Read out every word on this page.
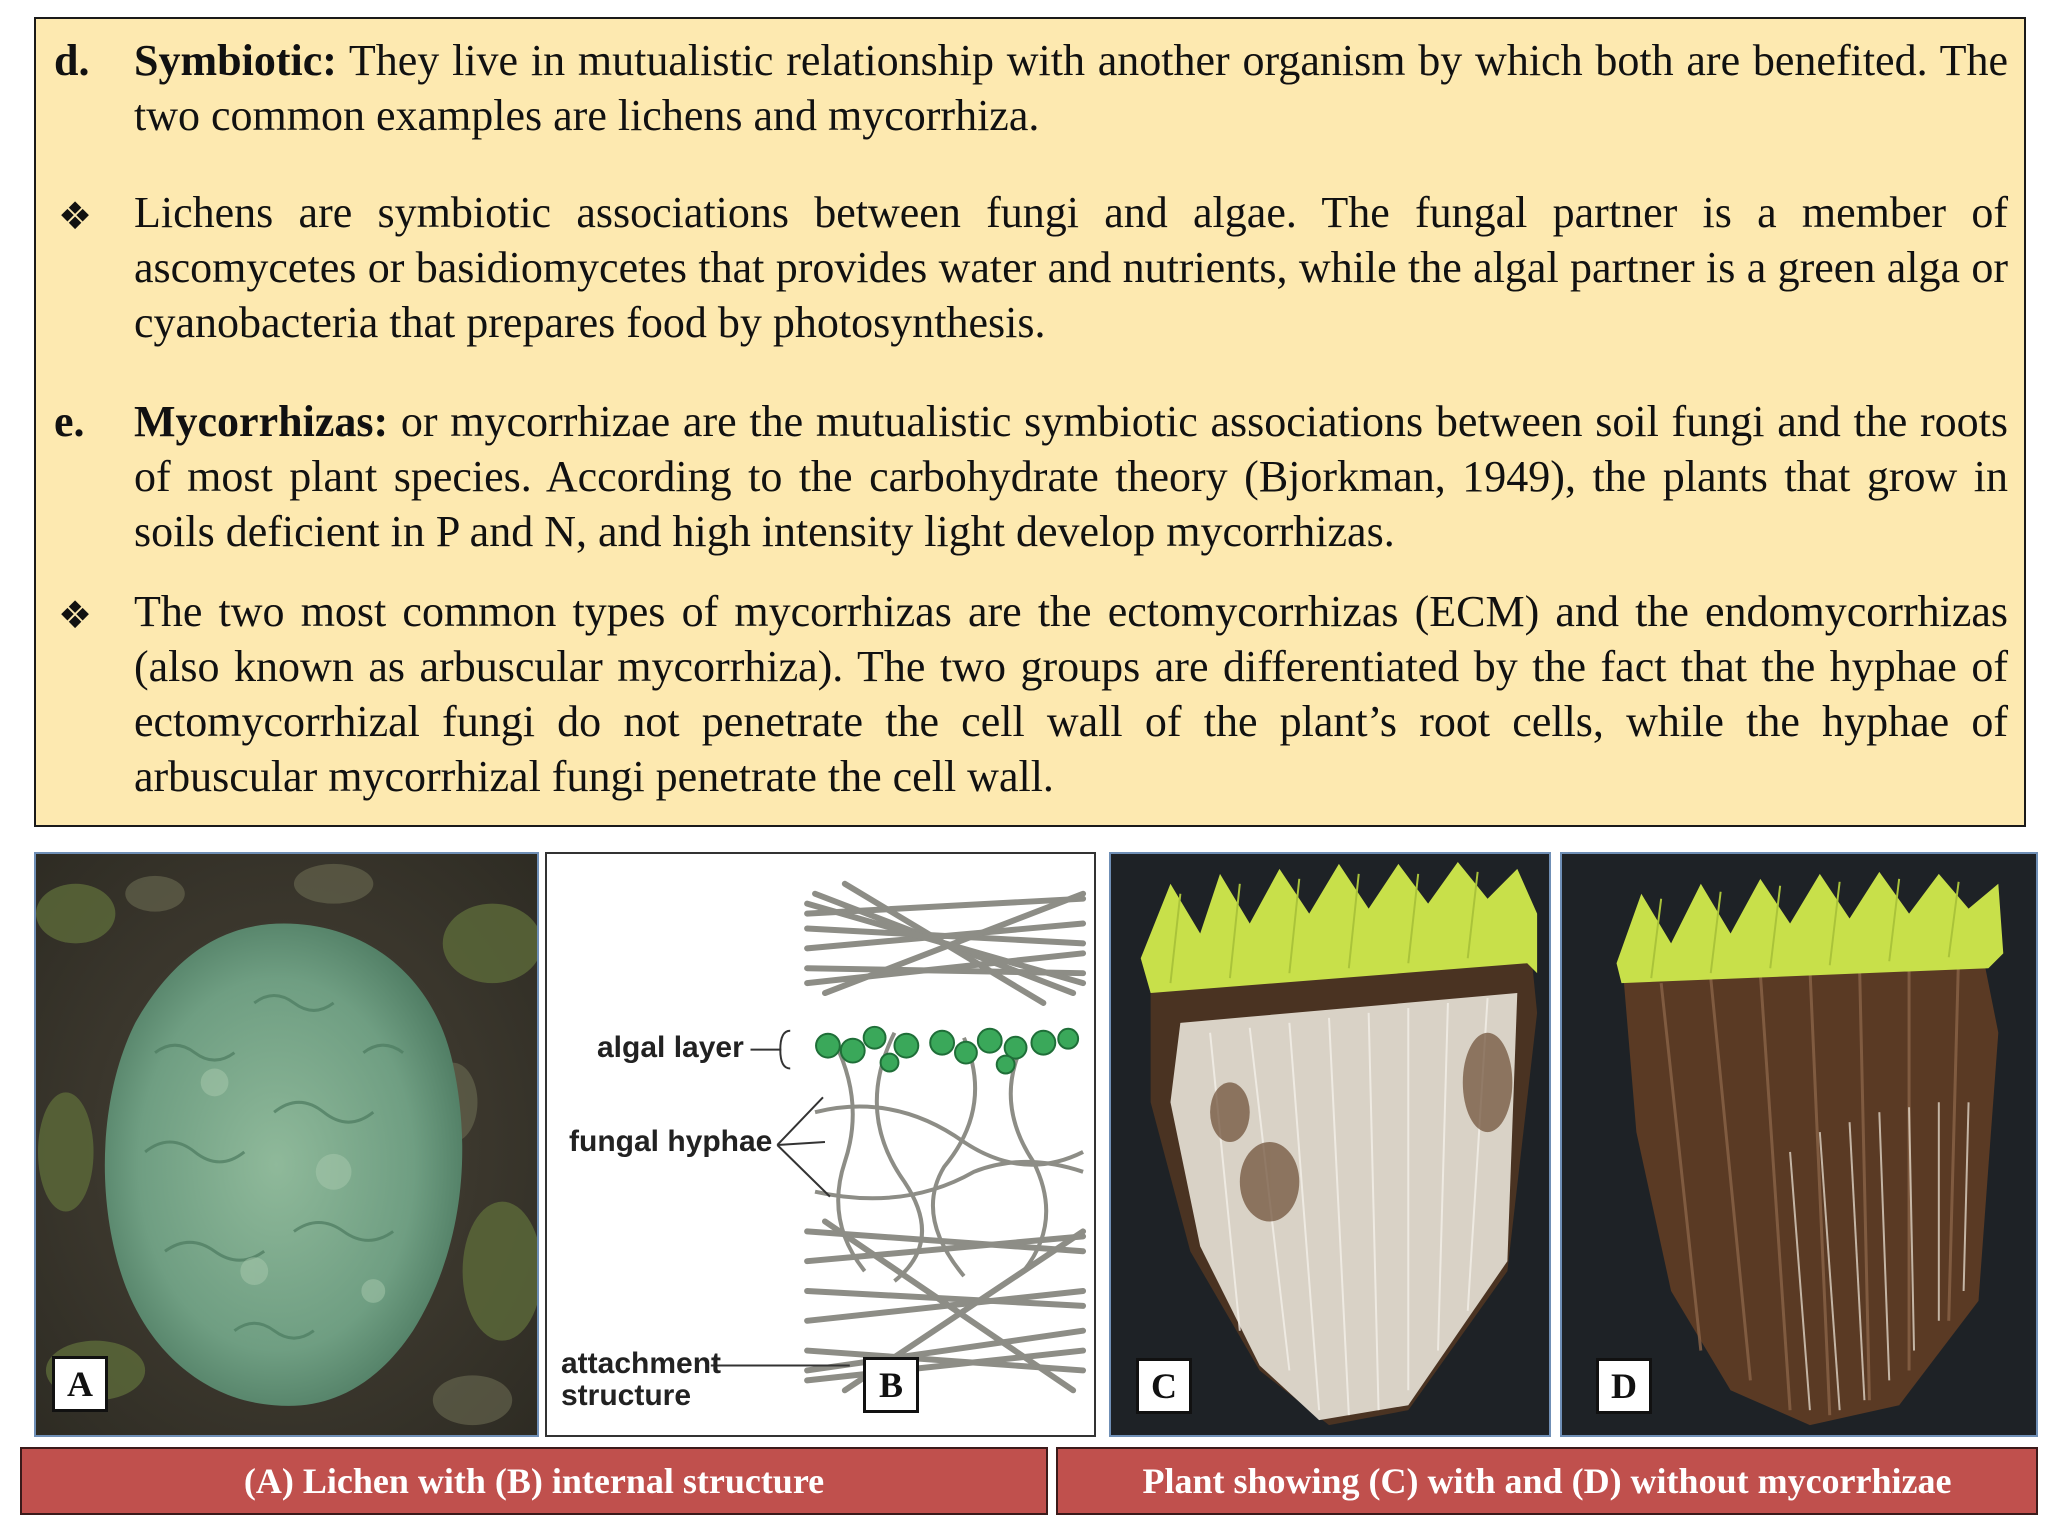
d. Symbiotic: They live in mutualistic relationship with another organism by which both are benefited. The two common examples are lichens and mycorrhiza.
❖ Lichens are symbiotic associations between fungi and algae. The fungal partner is a member of ascomycetes or basidiomycetes that provides water and nutrients, while the algal partner is a green alga or cyanobacteria that prepares food by photosynthesis.
e. Mycorrhizas: or mycorrhizae are the mutualistic symbiotic associations between soil fungi and the roots of most plant species. According to the carbohydrate theory (Bjorkman, 1949), the plants that grow in soils deficient in P and N, and high intensity light develop mycorrhizas.
❖ The two most common types of mycorrhizas are the ectomycorrhizas (ECM) and the endomycorrhizas (also known as arbuscular mycorrhiza). The two groups are differentiated by the fact that the hyphae of ectomycorrhizal fungi do not penetrate the cell wall of the plant’s root cells, while the hyphae of arbuscular mycorrhizal fungi penetrate the cell wall.
A
algal layer
fungal hyphae
attachment
structure	B	C	D
(A) Lichen with (B) internal structure	Plant showing (C) with and (D) without mycorrhizae
